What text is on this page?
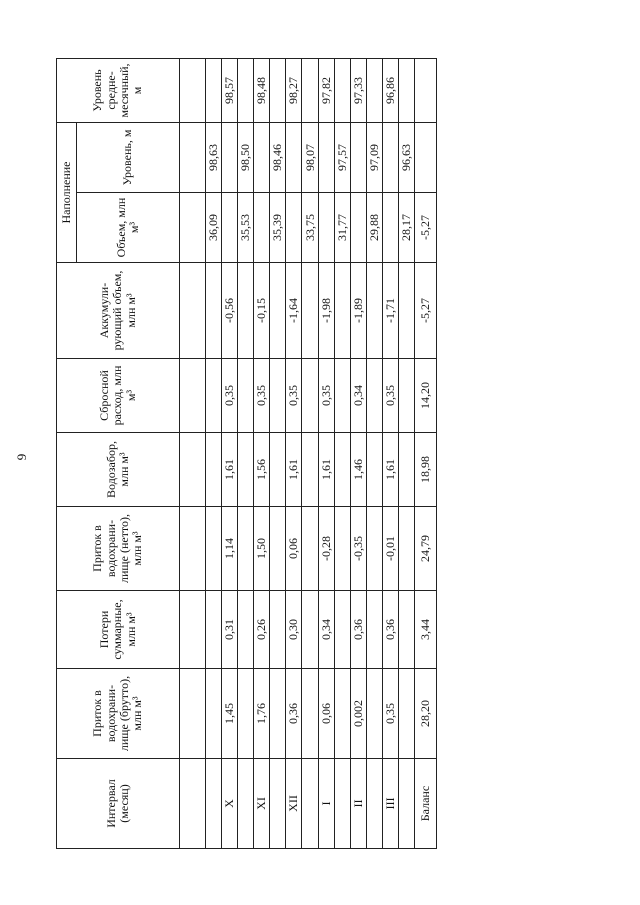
9
Интервал (месяц)	Приток в водохрани-лище (брутто), млн м³	Потери суммарные, млн м³	Приток в водохрани-лище (нетто), млн м³	Водозабор, млн м³	Сбросной расход, млн м³	Аккумули-рующий объем, млн м³	Наполнение		Уровень средне-месячный, м
							Объем, млн м³	Уровень, м	

							36,09	98,63	
X	1,45	0,31	1,14	1,61	0,35	-0,56			98,57
							35,53	98,50	
XI	1,76	0,26	1,50	1,56	0,35	-0,15			98,48
							35,39	98,46	
XII	0,36	0,30	0,06	1,61	0,35	-1,64			98,27
							33,75	98,07	
I	0,06	0,34	-0,28	1,61	0,35	-1,98			97,82
							31,77	97,57	
II	0,002	0,36	-0,35	1,46	0,34	-1,89			97,33
							29,88	97,09	
III	0,35	0,36	-0,01	1,61	0,35	-1,71			96,86
							28,17	96,63	
Баланс	28,20	3,44	24,79	18,98	14,20	-5,27	-5,27		
